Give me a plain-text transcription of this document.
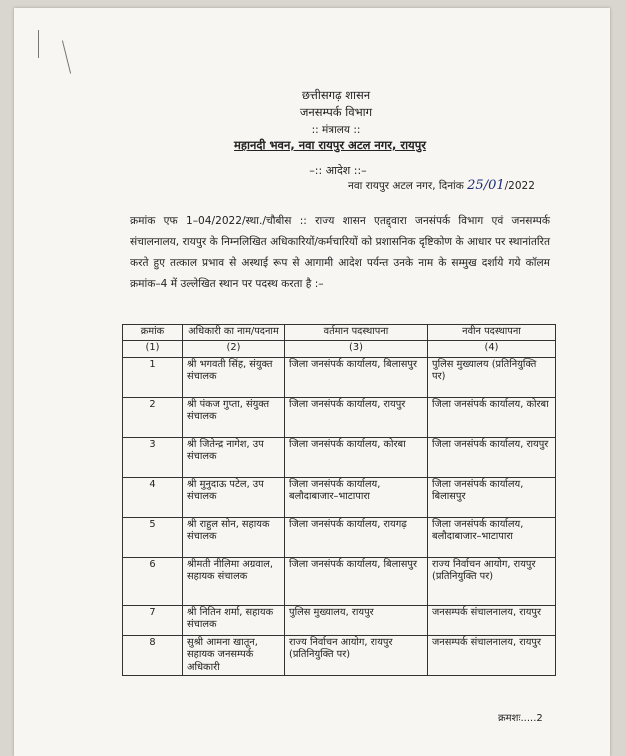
छत्तीसगढ़ शासन
जनसम्पर्क विभाग
:: मंत्रालय ::
महानदी भवन, नवा रायपुर अटल नगर, रायपुर
–:: आदेश ::–
नवा रायपुर अटल नगर, दिनांक 25/01/2022
क्रमांक एफ 1–04/2022/स्था./चौबीस :: राज्य शासन एतद्द्वारा जनसंपर्क विभाग एवं जनसम्पर्क संचालनालय, रायपुर के निम्नलिखित अधिकारियों/कर्मचारियों को प्रशासनिक दृष्टिकोण के आधार पर स्थानांतरित करते हुए तत्काल प्रभाव से अस्थाई रूप से आगामी आदेश पर्यन्त उनके नाम के सम्मुख दर्शाये गये कॉलम क्रमांक–4 में उल्लेखित स्थान पर पदस्थ करता है :–
क्रमांक	अधिकारी का नाम/पदनाम	वर्तमान पदस्थापना	नवीन पदस्थापना
(1)	(2)	(3)	(4)
1	श्री भगवती सिंह, संयुक्त संचालक	जिला जनसंपर्क कार्यालय, बिलासपुर	पुलिस मुख्यालय (प्रतिनियुक्ति पर)
2	श्री पंकज गुप्ता, संयुक्त संचालक	जिला जनसंपर्क कार्यालय, रायपुर	जिला जनसंपर्क कार्यालय, कोरबा
3	श्री जितेन्द्र नागेश, उप संचालक	जिला जनसंपर्क कार्यालय, कोरबा	जिला जनसंपर्क कार्यालय, रायपुर
4	श्री मुनुदाऊ पटेल, उप संचालक	जिला जनसंपर्क कार्यालय, बलौदाबाजार–भाटापारा	जिला जनसंपर्क कार्यालय, बिलासपुर
5	श्री राहुल सोन, सहायक संचालक	जिला जनसंपर्क कार्यालय, रायगढ़	जिला जनसंपर्क कार्यालय, बलौदाबाजार–भाटापारा
6	श्रीमती नीलिमा अग्रवाल, सहायक संचालक	जिला जनसंपर्क कार्यालय, बिलासपुर	राज्य निर्वाचन आयोग, रायपुर (प्रतिनियुक्ति पर)
7	श्री नितिन शर्मा, सहायक संचालक	पुलिस मुख्यालय, रायपुर	जनसम्पर्क संचालनालय, रायपुर
8	सुश्री आमना खातून, सहायक जनसम्पर्क अधिकारी	राज्य निर्वाचन आयोग, रायपुर (प्रतिनियुक्ति पर)	जनसम्पर्क संचालनालय, रायपुर
क्रमशः.....2
